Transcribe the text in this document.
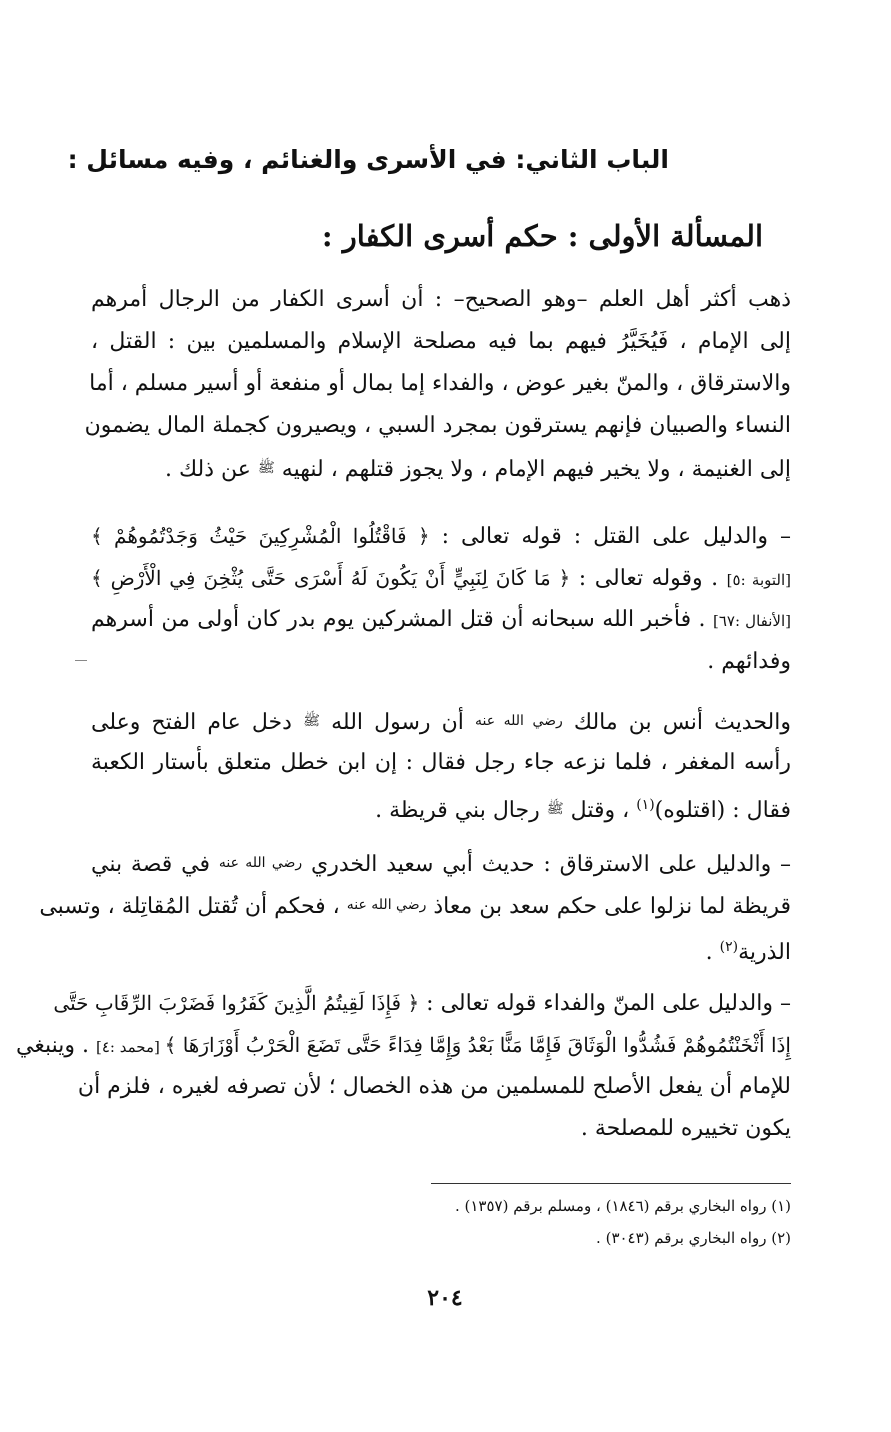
الباب الثاني: في الأسرى والغنائم ، وفيه مسائل :
المسألة الأولى : حكم أسرى الكفار :
ذهب أكثر أهل العلم –وهو الصحيح– : أن أسرى الكفار من الرجال أمرهم
إلى الإمام ، فَيُخَيَّرُ فيهم بما فيه مصلحة الإسلام والمسلمين بين : القتل ،
والاسترقاق ، والمنّ بغير عوض ، والفداء إما بمال أو منفعة أو أسير مسلم ، أما
النساء والصبيان فإنهم يسترقون بمجرد السبي ، ويصيرون كجملة المال يضمون
إلى الغنيمة ، ولا يخير فيهم الإمام ، ولا يجوز قتلهم ، لنهيه ﷺ عن ذلك .
– والدليل على القتل : قوله تعالى : ﴿ فَاقْتُلُوا الْمُشْرِكِينَ حَيْثُ وَجَدْتُمُوهُمْ ﴾
[التوبة :٥] . وقوله تعالى : ﴿ مَا كَانَ لِنَبِيٍّ أَنْ يَكُونَ لَهُ أَسْرَى حَتَّى يُثْخِنَ فِي الْأَرْضِ ﴾
[الأنفال :٦٧] . فأخبر الله سبحانه أن قتل المشركين يوم بدر كان أولى من أسرهم
وفدائهم .
والحديث أنس بن مالك رضي الله عنه أن رسول الله ﷺ دخل عام الفتح وعلى
رأسه المغفر ، فلما نزعه جاء رجل فقال : إن ابن خطل متعلق بأستار الكعبة
فقال : (اقتلوه)$^{(١)}$ ، وقتل ﷺ رجال بني قريظة .
– والدليل على الاسترقاق : حديث أبي سعيد الخدري رضي الله عنه في قصة بني
قريظة لما نزلوا على حكم سعد بن معاذ رضي الله عنه ، فحكم أن تُقتل المُقاتِلة ، وتسبى
الذرية$^{(٢)}$ .
– والدليل على المنّ والفداء قوله تعالى : ﴿ فَإِذَا لَقِيتُمُ الَّذِينَ كَفَرُوا فَضَرْبَ الرِّقَابِ حَتَّى
إِذَا أَثْخَنْتُمُوهُمْ فَشُدُّوا الْوَثَاقَ فَإِمَّا مَنًّا بَعْدُ وَإِمَّا فِدَاءً حَتَّى تَضَعَ الْحَرْبُ أَوْزَارَهَا ﴾ [محمد :٤] . وينبغي
للإمام أن يفعل الأصلح للمسلمين من هذه الخصال ؛ لأن تصرفه لغيره ، فلزم أن
يكون تخييره للمصلحة .
(١) رواه البخاري برقم (١٨٤٦) ، ومسلم برقم (١٣٥٧) .
(٢) رواه البخاري برقم (٣٠٤٣) .
٢٠٤
